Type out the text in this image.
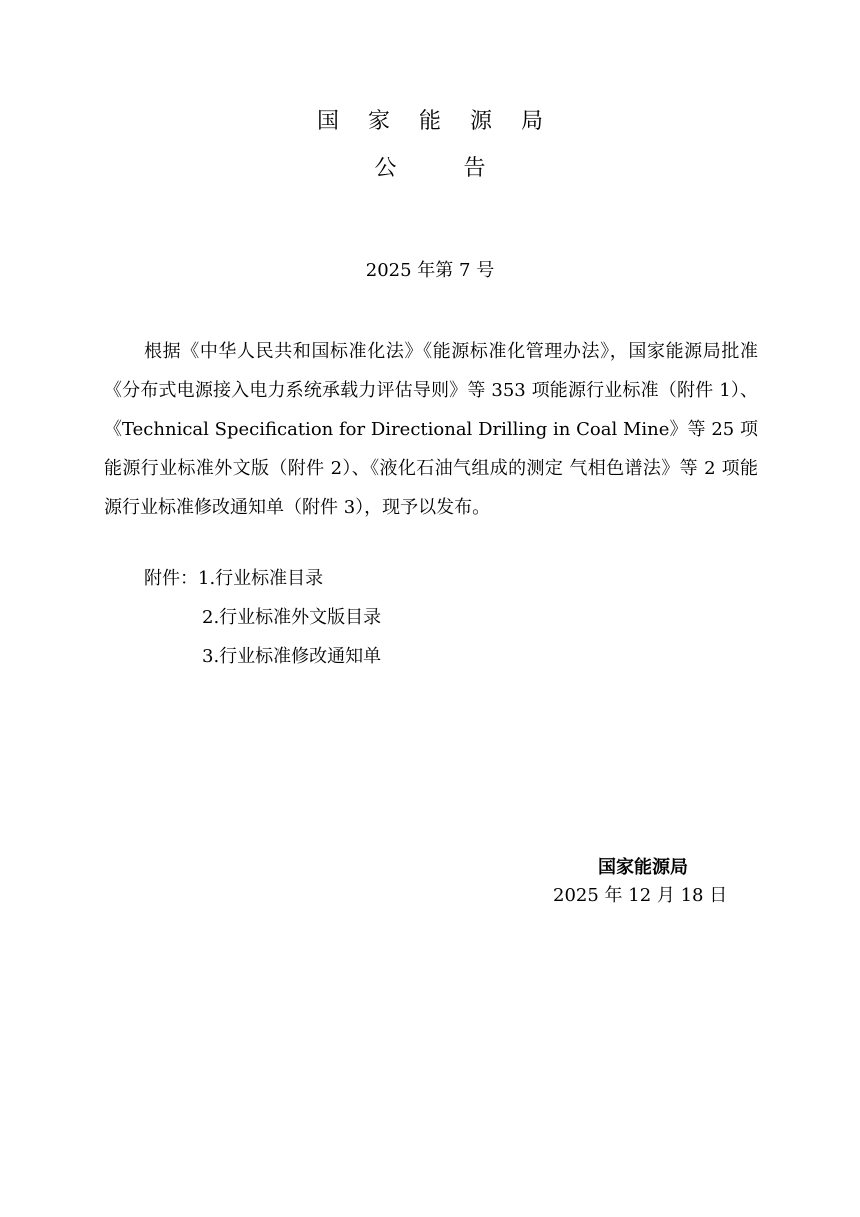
国 家 能 源 局
公 告
2025 年第 7 号

根据《中华人民共和国标准化法》《能源标准化管理办法》，国家能源局批准《分布式电源接入电力系统承载力评估导则》等 353 项能源行业标准（附件 1）、《Technical Specification for Directional Drilling in Coal Mine》等 25 项能源行业标准外文版（附件 2）、《液化石油气组成的测定 气相色谱法》等 2 项能源行业标准修改通知单（附件 3），现予以发布。

附件：1.行业标准目录
2.行业标准外文版目录
3.行业标准修改通知单
国家能源局
2025 年 12 月 18 日
